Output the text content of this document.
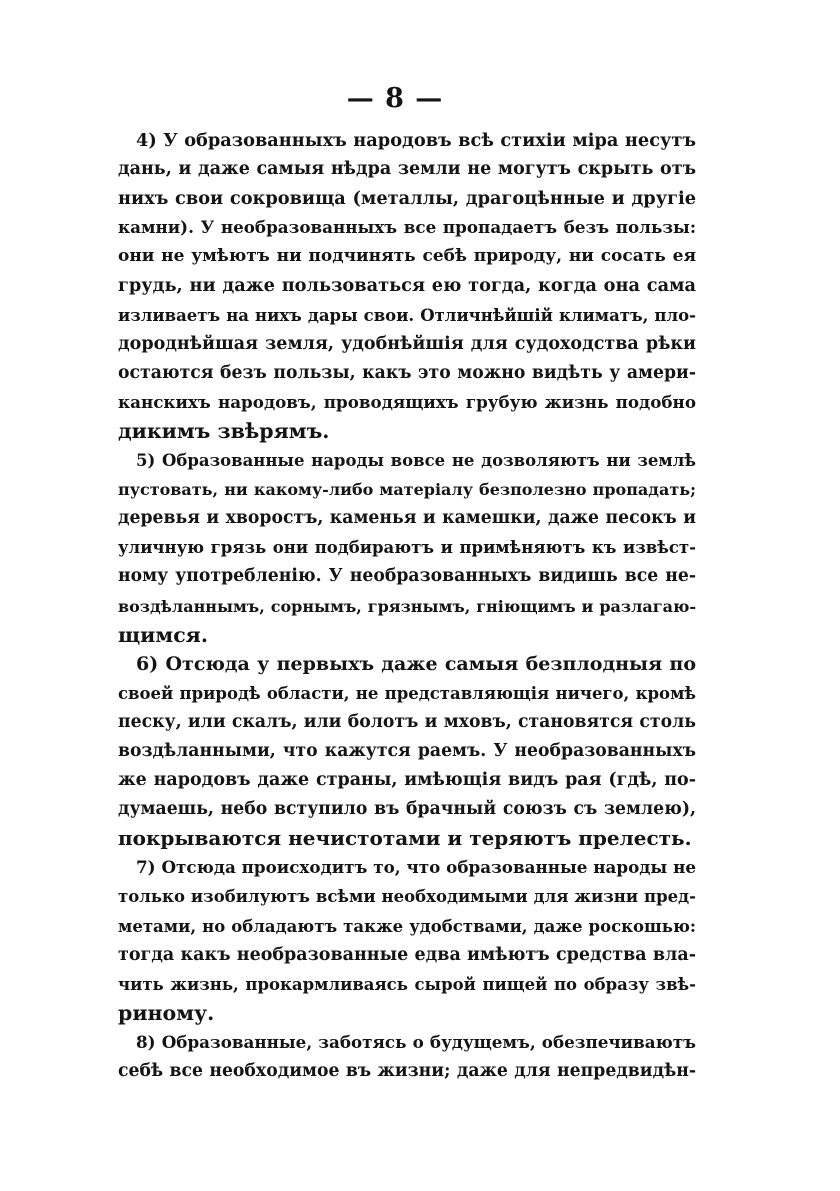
— 8 —
4) У образованныхъ народовъ всѣ стихіи міра несутъ
дань, и даже самыя нѣдра земли не могутъ скрыть отъ
нихъ свои сокровища (металлы, драгоцѣнные и другіе
камни). У необразованныхъ все пропадаетъ безъ пользы:
они не умѣютъ ни подчинять себѣ природу, ни сосать ея
грудь, ни даже пользоваться ею тогда, когда она сама
изливаетъ на нихъ дары свои. Отличнѣйшій климатъ, пло-
дороднѣйшая земля, удобнѣйшія для судоходства рѣки
остаются безъ пользы, какъ это можно видѣть у амери-
канскихъ народовъ, проводящихъ грубую жизнь подобно
дикимъ звѣрямъ.
5) Образованные народы вовсе не дозволяютъ ни землѣ
пустовать, ни какому-либо матеріалу безполезно пропадать;
деревья и хворостъ, каменья и камешки, даже песокъ и
уличную грязь они подбираютъ и примѣняютъ къ извѣст-
ному употребленію. У необразованныхъ видишь все не-
воздѣланнымъ, сорнымъ, грязнымъ, гніющимъ и разлагаю-
щимся.
6) Отсюда у первыхъ даже самыя безплодныя по
своей природѣ области, не представляющія ничего, кромѣ
песку, или скалъ, или болотъ и мховъ, становятся столь
воздѣланными, что кажутся раемъ. У необразованныхъ
же народовъ даже страны, имѣющія видъ рая (гдѣ, по-
думаешь, небо вступило въ брачный союзъ съ землею),
покрываются нечистотами и теряютъ прелесть.
7) Отсюда происходитъ то, что образованные народы не
только изобилуютъ всѣми необходимыми для жизни пред-
метами, но обладаютъ также удобствами, даже роскошью:
тогда какъ необразованные едва имѣютъ средства вла-
чить жизнь, прокармливаясь сырой пищей по образу звѣ-
риному.
8) Образованные, заботясь о будущемъ, обезпечиваютъ
себѣ все необходимое въ жизни; даже для непредвидѣн-
